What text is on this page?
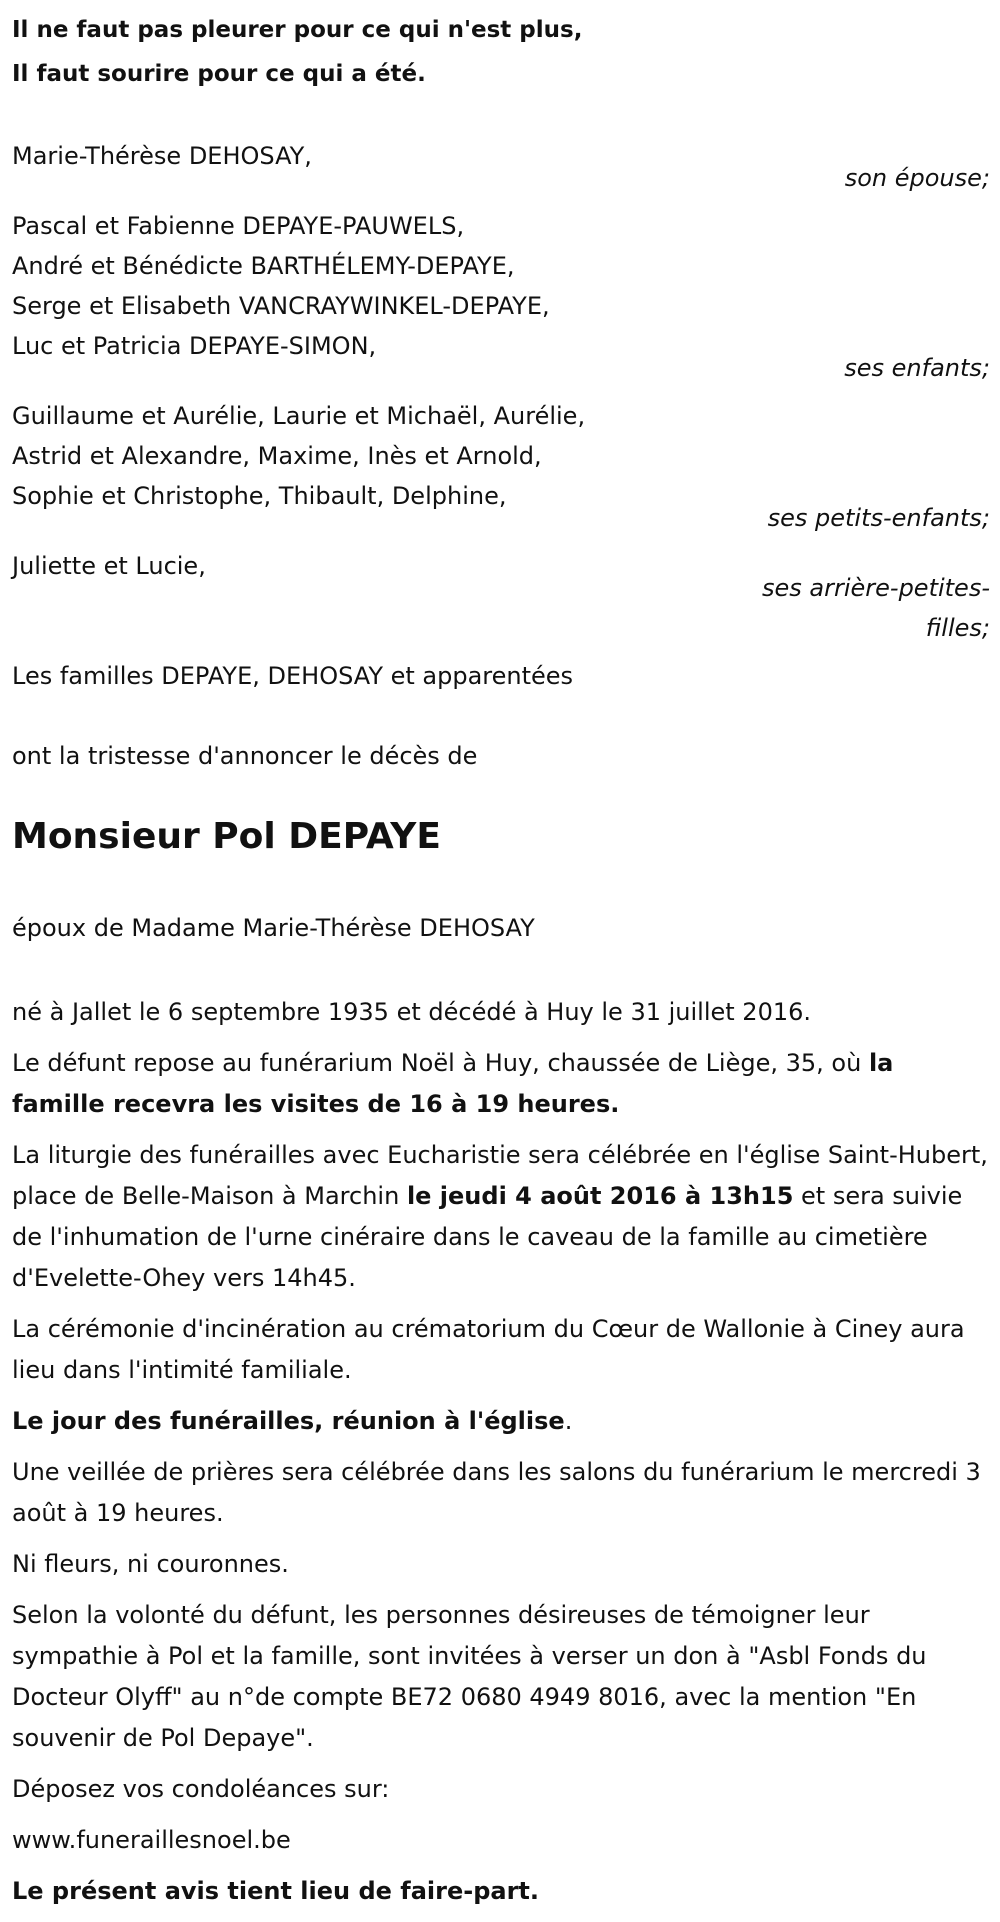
Il ne faut pas pleurer pour ce qui n'est plus,

Il faut sourire pour ce qui a été.

Marie-Thérèse DEHOSAY,
son épouse;
Pascal et Fabienne DEPAYE-PAUWELS,
André et Bénédicte BARTHÉLEMY-DEPAYE,
Serge et Elisabeth VANCRAYWINKEL-DEPAYE,
Luc et Patricia DEPAYE-SIMON,
ses enfants;
Guillaume et Aurélie, Laurie et Michaël, Aurélie,
Astrid et Alexandre, Maxime, Inès et Arnold,
Sophie et Christophe, Thibault, Delphine,
ses petits-enfants;
Juliette et Lucie,
ses arrière-petites-filles;
Les familles DEPAYE, DEHOSAY et apparentées
ont la tristesse d'annoncer le décès de
Monsieur Pol DEPAYE
époux de Madame Marie-Thérèse DEHOSAY

né à Jallet le 6 septembre 1935 et décédé à Huy le 31 juillet 2016.

Le défunt repose au funérarium Noël à Huy, chaussée de Liège, 35, où la famille recevra les visites de 16 à 19 heures.

La liturgie des funérailles avec Eucharistie sera célébrée en l'église Saint-Hubert, place de Belle-Maison à Marchin le jeudi 4 août 2016 à 13h15 et sera suivie de l'inhumation de l'urne cinéraire dans le caveau de la famille au cimetière d'Evelette-Ohey vers 14h45.

La cérémonie d'incinération au crématorium du Cœur de Wallonie à Ciney aura lieu dans l'intimité familiale.

Le jour des funérailles, réunion à l'église.

Une veillée de prières sera célébrée dans les salons du funérarium le mercredi 3 août à 19 heures.

Ni fleurs, ni couronnes.

Selon la volonté du défunt, les personnes désireuses de témoigner leur sympathie à Pol et la famille, sont invitées à verser un don à "Asbl Fonds du Docteur Olyff" au n°de compte BE72 0680 4949 8016, avec la mention "En souvenir de Pol Depaye".

Déposez vos condoléances sur:

www.funeraillesnoel.be

Le présent avis tient lieu de faire-part.
